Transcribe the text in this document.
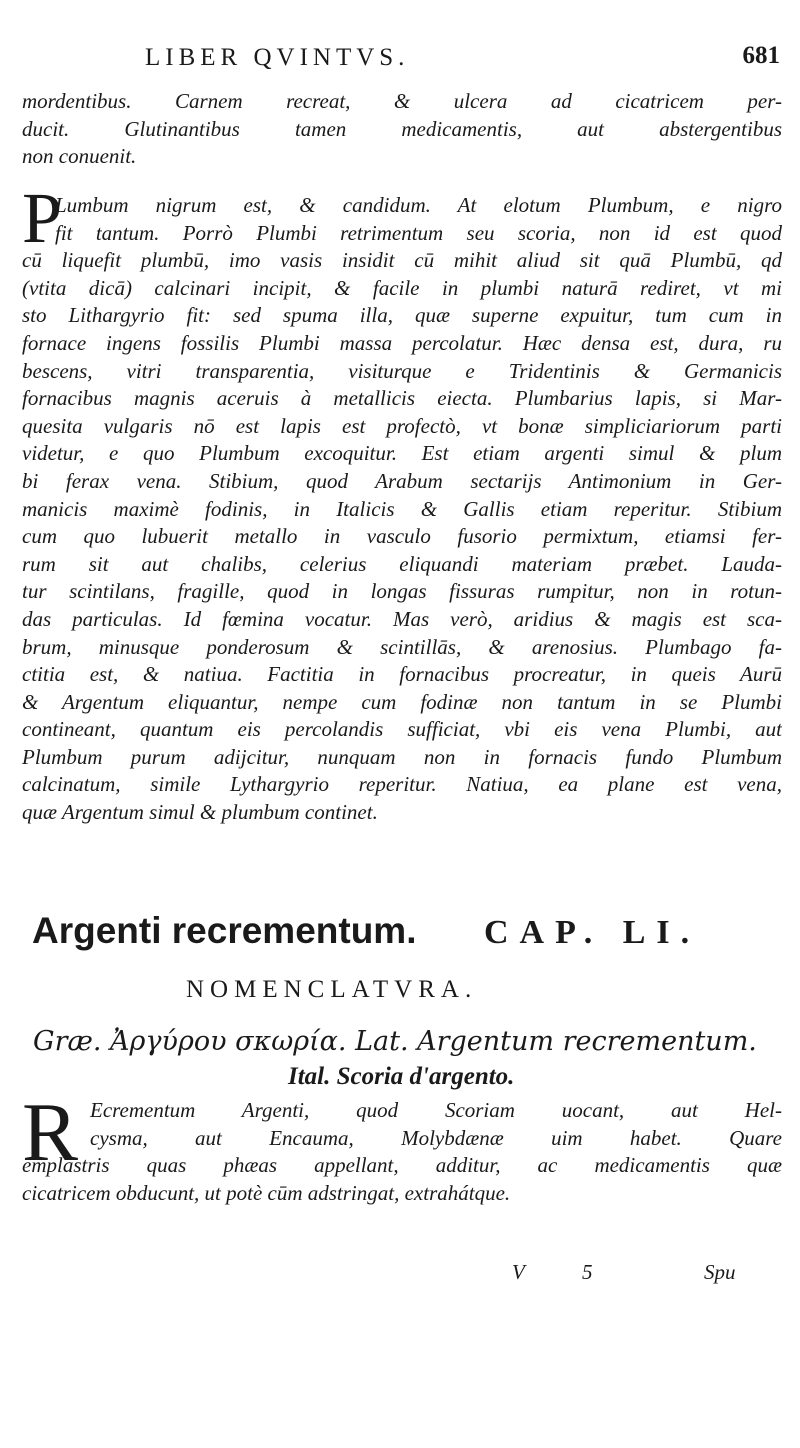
LIBER QVINTVS.	681
mordentibus. Carnem recreat, & ulcera ad cicatricem per-
ducit. Glutinantibus tamen medicamentis, aut abstergentibus
non conuenit.
P
Lumbum nigrum est, & candidum. At elotum Plumbum, e nigro
fit tantum. Porrò Plumbi retrimentum seu scoria, non id est quod
cū liquefit plumbū, imo vasis insidit cū mihit aliud sit quā Plumbū, qd
(vtita dicā) calcinari incipit, & facile in plumbi naturā rediret, vt mi
sto Lithargyrio fit: sed spuma illa, quæ superne expuitur, tum cum in
fornace ingens fossilis Plumbi massa percolatur. Hæc densa est, dura, ru
bescens, vitri transparentia, visiturque e Tridentinis & Germanicis
fornacibus magnis aceruis à metallicis eiecta. Plumbarius lapis, si Mar-
quesita vulgaris nō est lapis est profectò, vt bonæ simpliciariorum parti
videtur, e quo Plumbum excoquitur. Est etiam argenti simul & plum
bi ferax vena. Stibium, quod Arabum sectarijs Antimonium in Ger-
manicis maximè fodinis, in Italicis & Gallis etiam reperitur. Stibium
cum quo lubuerit metallo in vasculo fusorio permixtum, etiamsi fer-
rum sit aut chalibs, celerius eliquandi materiam præbet. Lauda-
tur scintilans, fragille, quod in longas fissuras rumpitur, non in rotun-
das particulas. Id fœmina vocatur. Mas verò, aridius & magis est sca-
brum, minusque ponderosum & scintillās, & arenosius. Plumbago fa-
ctitia est, & natiua. Factitia in fornacibus procreatur, in queis Aurū
& Argentum eliquantur, nempe cum fodinæ non tantum in se Plumbi
contineant, quantum eis percolandis sufficiat, vbi eis vena Plumbi, aut
Plumbum purum adijcitur, nunquam non in fornacis fundo Plumbum
calcinatum, simile Lythargyrio reperitur. Natiua, ea plane est vena,
quæ Argentum simul & plumbum continet.
Argenti recrementum. CAP. LI.
NOMENCLATVRA.
Græ. Ἀργύρου σκωρία. Lat. Argentum recrementum.
Ital. Scoria d'argento.
R Ecrementum Argenti, quod Scoriam uocant, aut Hel-
cysma, aut Encauma, Molybdænæ uim habet. Quare
emplastris quas phæas appellant, additur, ac medicamentis quæ
cicatricem obducunt, ut potè cūm adstringat, extrahátque.
V	5	Spu
